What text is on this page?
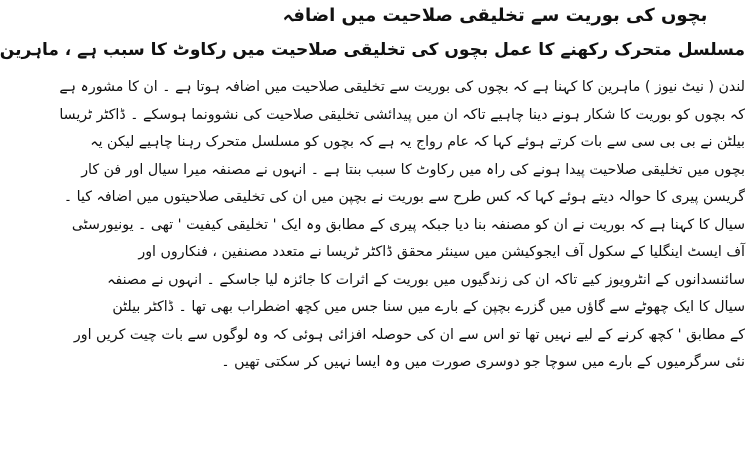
بچوں کی بوریت سے تخلیقی صلاحیت میں اضافہ
مسلسل متحرک رکھنے کا عمل بچوں کی تخلیقی صلاحیت میں رکاوٹ کا سبب ہے ، ماہرین
لندن ( نیٹ نیوز ) ماہرین کا کہنا ہے کہ بچوں کی بوریت سے تخلیقی صلاحیت میں اضافہ ہوتا ہے ۔ ان کا مشورہ ہے
کہ بچوں کو بوریت کا شکار ہونے دینا چاہیے تاکہ ان میں پیدائشی تخلیقی صلاحیت کی نشوونما ہوسکے ۔ ڈاکٹر ٹریسا
بیلٹن نے بی بی سی سے بات کرتے ہوئے کہا کہ عام رواج یہ ہے کہ بچوں کو مسلسل متحرک رہنا چاہیے لیکن یہ
بچوں میں تخلیقی صلاحیت پیدا ہونے کی راہ میں رکاوٹ کا سبب بنتا ہے ۔ انہوں نے مصنفہ میرا سیال اور فن کار
گریسن پیری کا حوالہ دیتے ہوئے کہا کہ کس طرح سے بوریت نے بچپن میں ان کی تخلیقی صلاحیتوں میں اضافہ کیا ۔
سیال کا کہنا ہے کہ بوریت نے ان کو مصنفہ بنا دیا جبکہ پیری کے مطابق وہ ایک ' تخلیقی کیفیت ' تھی ۔ یونیورسٹی
آف ایسٹ اینگلیا کے سکول آف ایجوکیشن میں سینئر محقق ڈاکٹر ٹریسا نے متعدد مصنفین ، فنکاروں اور
سائنسدانوں کے انٹرویوز کیے تاکہ ان کی زندگیوں میں بوریت کے اثرات کا جائزہ لیا جاسکے ۔ انہوں نے مصنفہ
سیال کا ایک چھوٹے سے گاؤں میں گزرے بچپن کے بارے میں سنا جس میں کچھ اضطراب بھی تھا ۔ ڈاکٹر بیلٹن
کے مطابق ' کچھ کرنے کے لیے نہیں تھا تو اس سے ان کی حوصلہ افزائی ہوئی کہ وہ لوگوں سے بات چیت کریں اور
نئی سرگرمیوں کے بارے میں سوچا جو دوسری صورت میں وہ ایسا نہیں کر سکتی تھیں ۔
